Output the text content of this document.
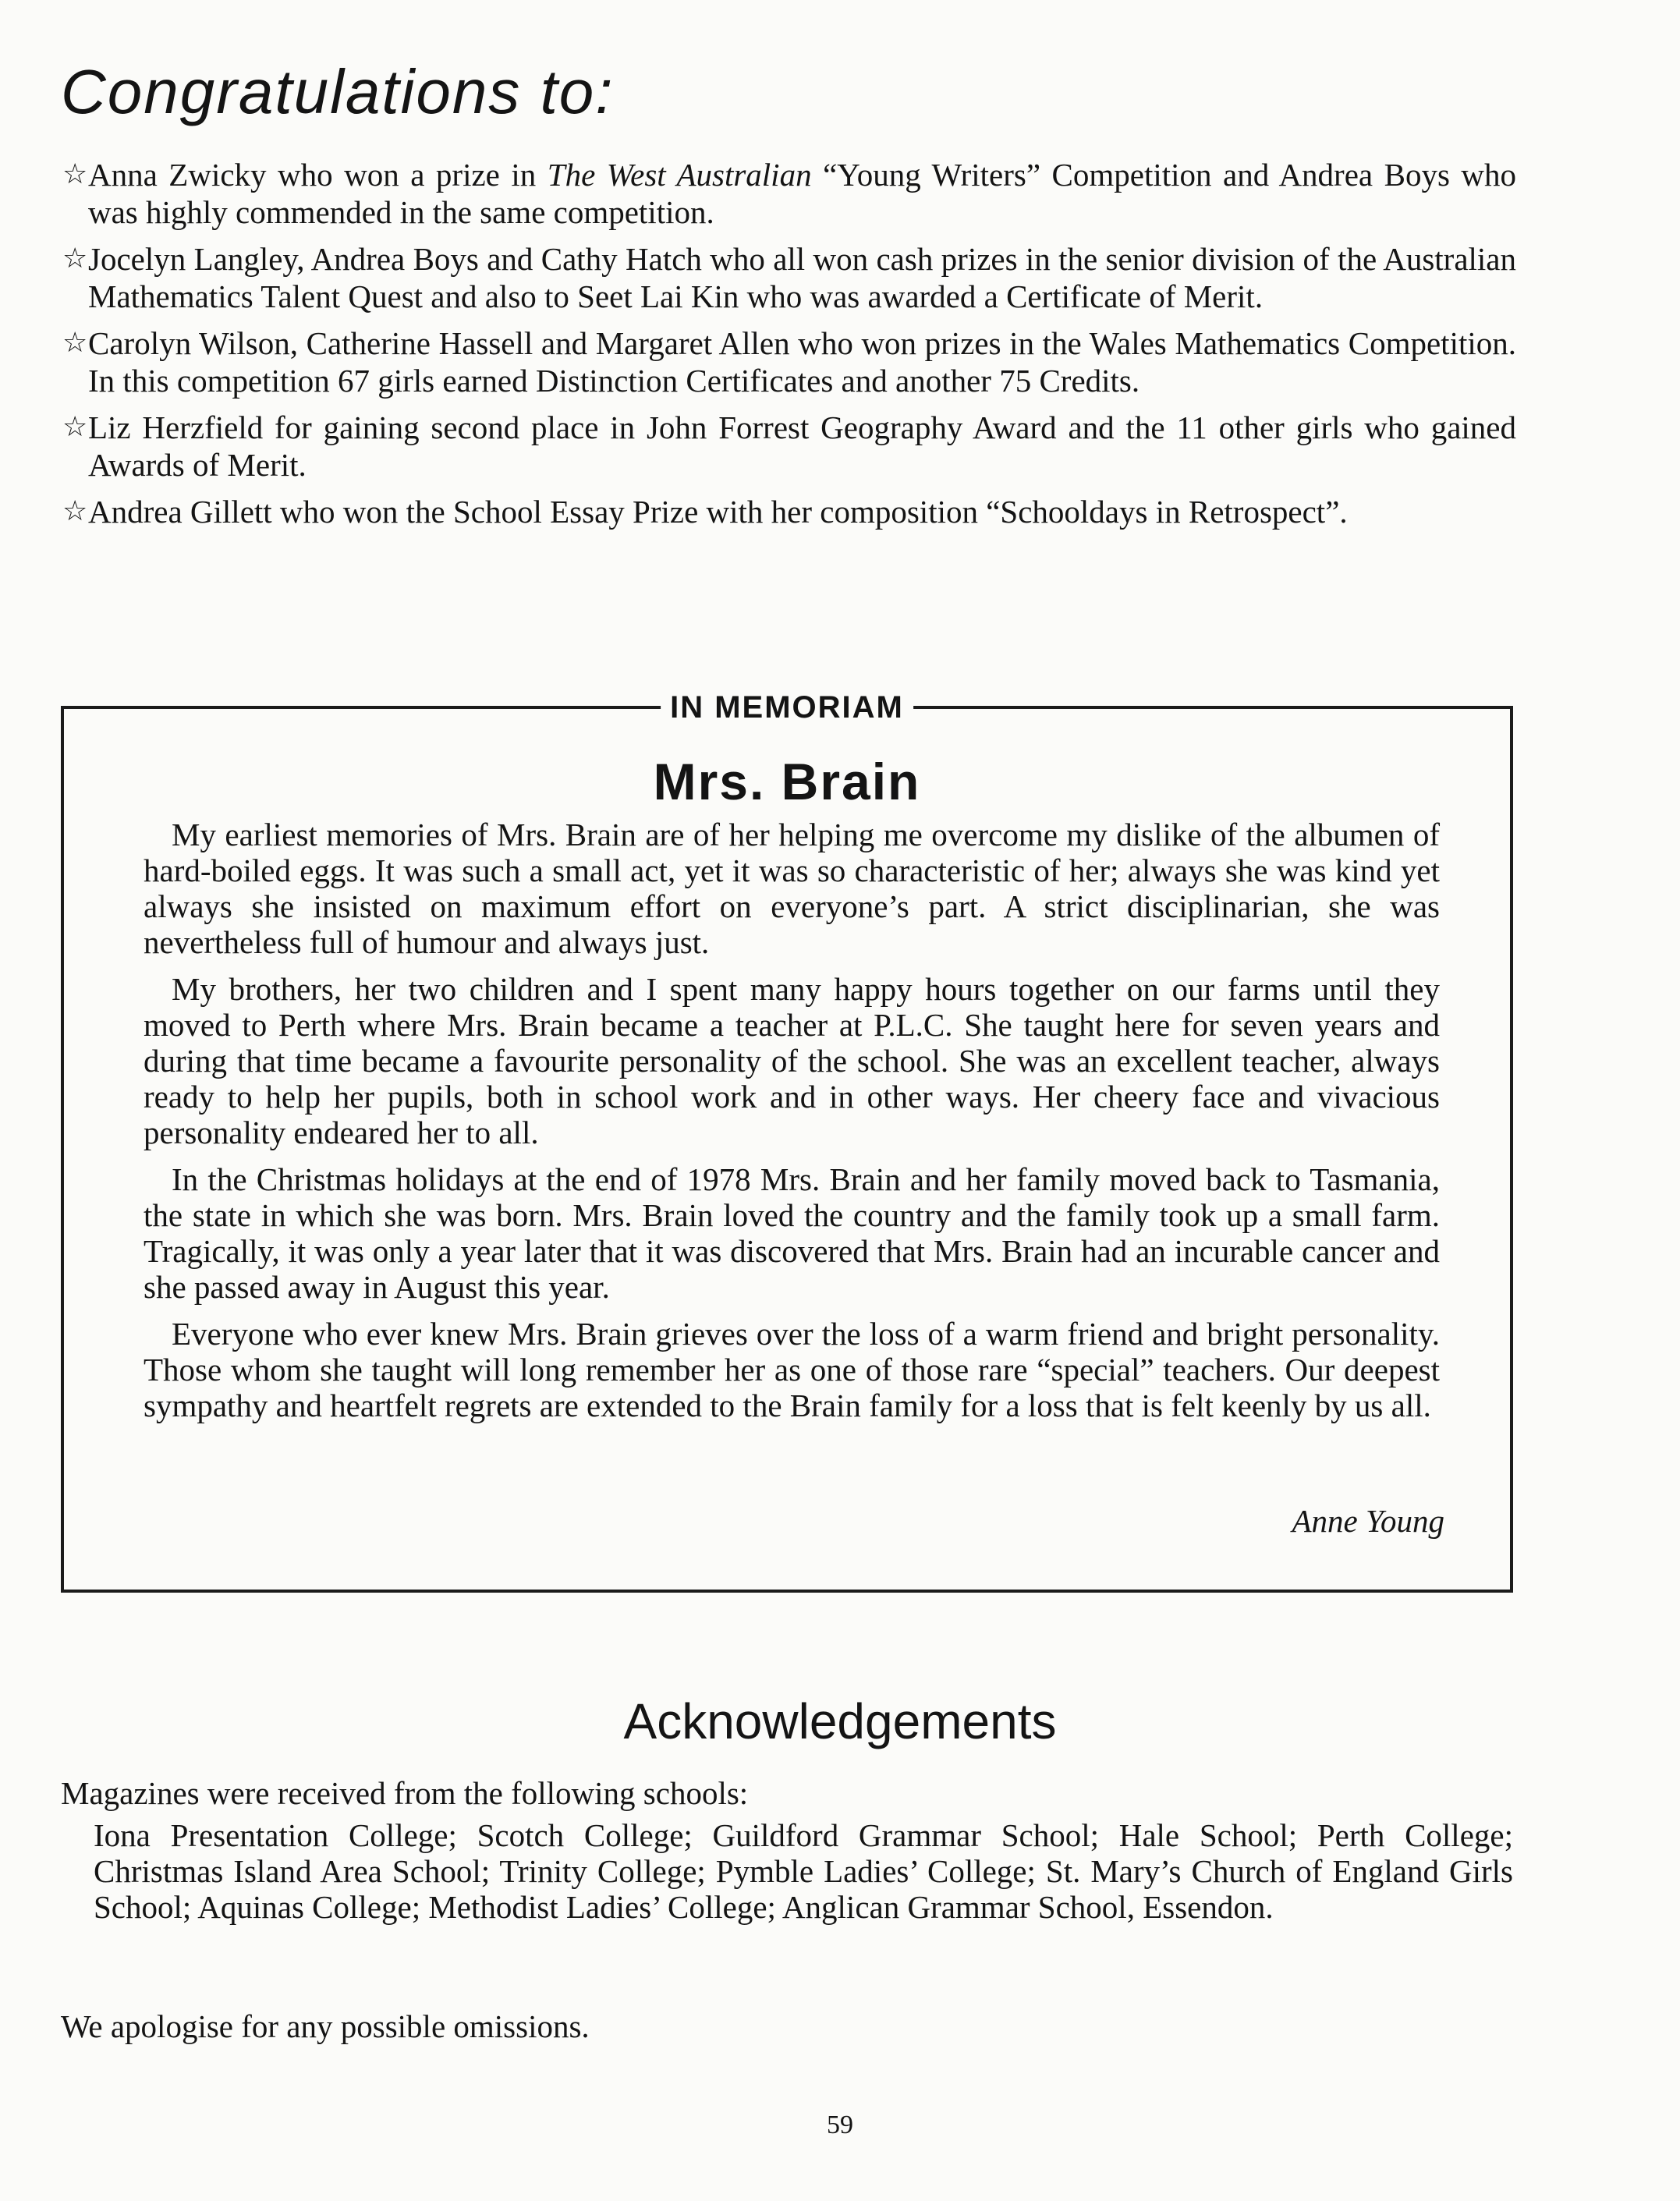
Congratulations to:
☆ Anna Zwicky who won a prize in The West Australian “Young Writers” Competition and Andrea Boys who was highly commended in the same competition.
☆ Jocelyn Langley, Andrea Boys and Cathy Hatch who all won cash prizes in the senior division of the Australian Mathematics Talent Quest and also to Seet Lai Kin who was awarded a Certificate of Merit.
☆ Carolyn Wilson, Catherine Hassell and Margaret Allen who won prizes in the Wales Mathematics Competition. In this competition 67 girls earned Distinction Certificates and another 75 Credits.
☆ Liz Herzfield for gaining second place in John Forrest Geography Award and the 11 other girls who gained Awards of Merit.
☆ Andrea Gillett who won the School Essay Prize with her composition “Schooldays in Retrospect”.
IN MEMORIAM
Mrs. Brain

My earliest memories of Mrs. Brain are of her helping me overcome my dislike of the albumen of hard-boiled eggs. It was such a small act, yet it was so characteristic of her; always she was kind yet always she insisted on maximum effort on everyone’s part. A strict disciplinarian, she was nevertheless full of humour and always just.

My brothers, her two children and I spent many happy hours together on our farms until they moved to Perth where Mrs. Brain became a teacher at P.L.C. She taught here for seven years and during that time became a favourite personality of the school. She was an excellent teacher, always ready to help her pupils, both in school work and in other ways. Her cheery face and vivacious personality endeared her to all.

In the Christmas holidays at the end of 1978 Mrs. Brain and her family moved back to Tasmania, the state in which she was born. Mrs. Brain loved the country and the family took up a small farm. Tragically, it was only a year later that it was discovered that Mrs. Brain had an incurable cancer and she passed away in August this year.

Everyone who ever knew Mrs. Brain grieves over the loss of a warm friend and bright personality. Those whom she taught will long remember her as one of those rare “special” teachers. Our deepest sympathy and heartfelt regrets are extended to the Brain family for a loss that is felt keenly by us all.

Anne Young
Acknowledgements

Magazines were received from the following schools:

Iona Presentation College; Scotch College; Guildford Grammar School; Hale School; Perth College; Christmas Island Area School; Trinity College; Pymble Ladies’ College; St. Mary’s Church of England Girls School; Aquinas College; Methodist Ladies’ College; Anglican Grammar School, Essendon.

We apologise for any possible omissions.

59
